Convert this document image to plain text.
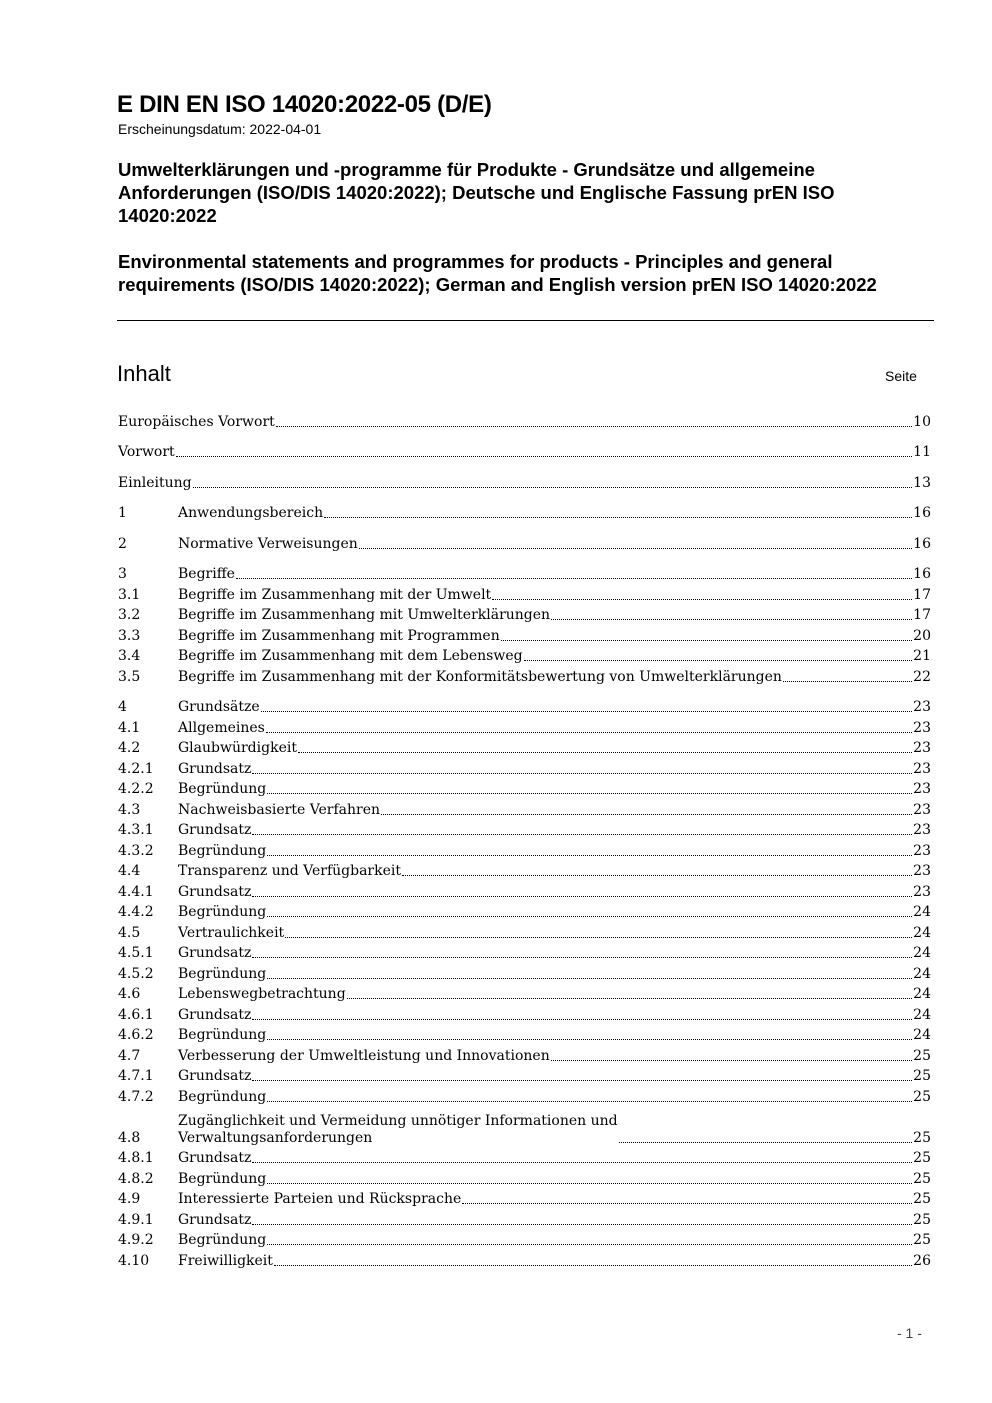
E DIN EN ISO 14020:2022-05 (D/E)
Erscheinungsdatum: 2022-04-01
Umwelterklärungen und -programme für Produkte - Grundsätze und allgemeine Anforderungen (ISO/DIS 14020:2022); Deutsche und Englische Fassung prEN ISO 14020:2022
Environmental statements and programmes for products - Principles and general requirements (ISO/DIS 14020:2022); German and English version prEN ISO 14020:2022
Inhalt	Seite
Europäisches Vorwort	10
Vorwort	11
Einleitung	13
1	Anwendungsbereich	16
2	Normative Verweisungen	16
3	Begriffe	16
3.1	Begriffe im Zusammenhang mit der Umwelt	17
3.2	Begriffe im Zusammenhang mit Umwelterklärungen	17
3.3	Begriffe im Zusammenhang mit Programmen	20
3.4	Begriffe im Zusammenhang mit dem Lebensweg	21
3.5	Begriffe im Zusammenhang mit der Konformitätsbewertung von Umwelterklärungen	22
4	Grundsätze	23
4.1	Allgemeines	23
4.2	Glaubwürdigkeit	23
4.2.1	Grundsatz	23
4.2.2	Begründung	23
4.3	Nachweisbasierte Verfahren	23
4.3.1	Grundsatz	23
4.3.2	Begründung	23
4.4	Transparenz und Verfügbarkeit	23
4.4.1	Grundsatz	23
4.4.2	Begründung	24
4.5	Vertraulichkeit	24
4.5.1	Grundsatz	24
4.5.2	Begründung	24
4.6	Lebenswegbetrachtung	24
4.6.1	Grundsatz	24
4.6.2	Begründung	24
4.7	Verbesserung der Umweltleistung und Innovationen	25
4.7.1	Grundsatz	25
4.7.2	Begründung	25
4.8
Zugänglichkeit und Vermeidung unnötiger Informationen und
Verwaltungsanforderungen	25
4.8.1	Grundsatz	25
4.8.2	Begründung	25
4.9	Interessierte Parteien und Rücksprache	25
4.9.1	Grundsatz	25
4.9.2	Begründung	25
4.10	Freiwilligkeit	26
- 1 -
